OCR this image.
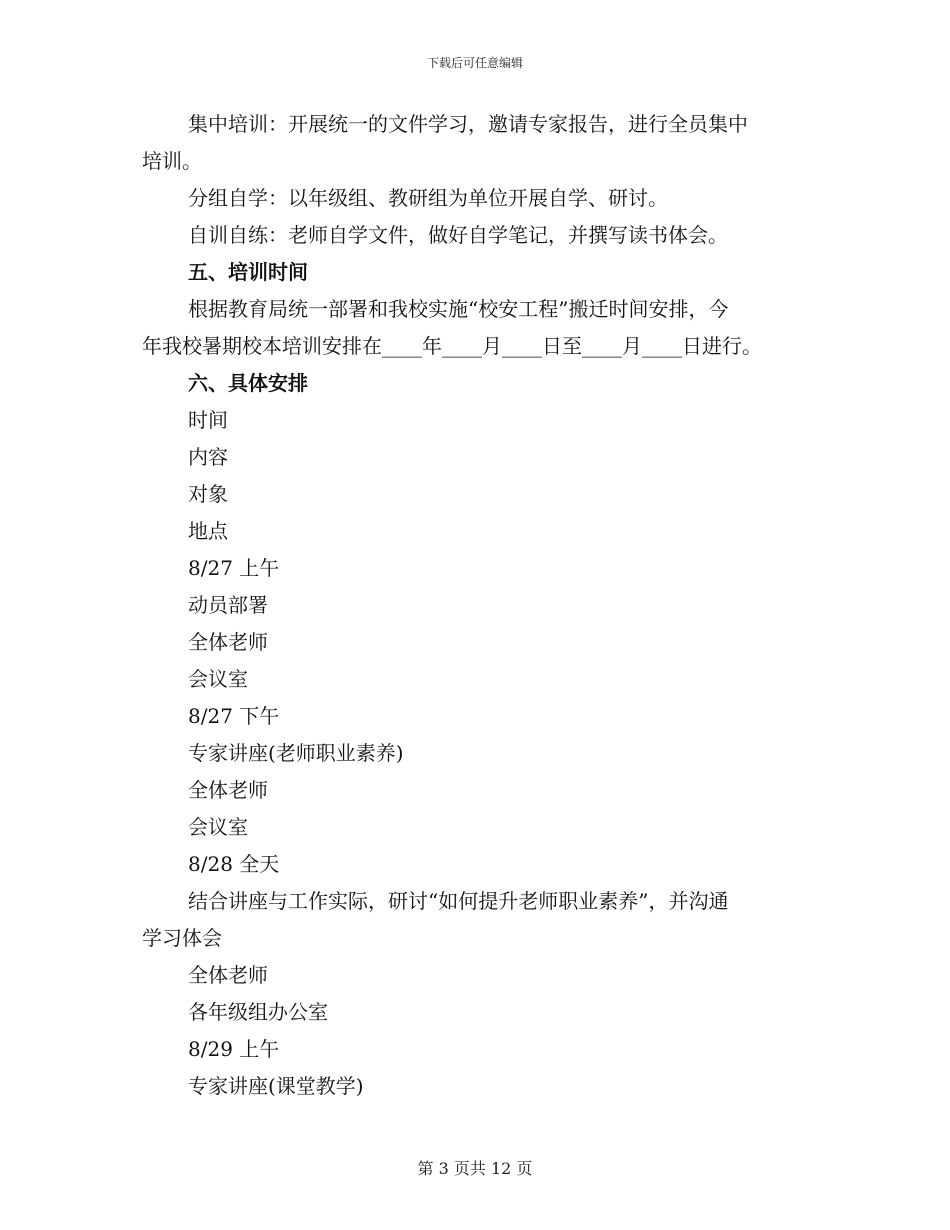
下载后可任意编辑
集中培训：开展统一的文件学习，邀请专家报告，进行全员集中
培训。
分组自学：以年级组、教研组为单位开展自学、研讨。
自训自练：老师自学文件，做好自学笔记，并撰写读书体会。
五、培训时间
根据教育局统一部署和我校实施“校安工程”搬迁时间安排，今
年我校暑期校本培训安排在____年____月____日至____月____日进行。
六、具体安排
时间
内容
对象
地点
8/27 上午
动员部署
全体老师
会议室
8/27 下午
专家讲座(老师职业素养)
全体老师
会议室
8/28 全天
结合讲座与工作实际，研讨“如何提升老师职业素养”，并沟通
学习体会
全体老师
各年级组办公室
8/29 上午
专家讲座(课堂教学)
第 3 页共 12 页
